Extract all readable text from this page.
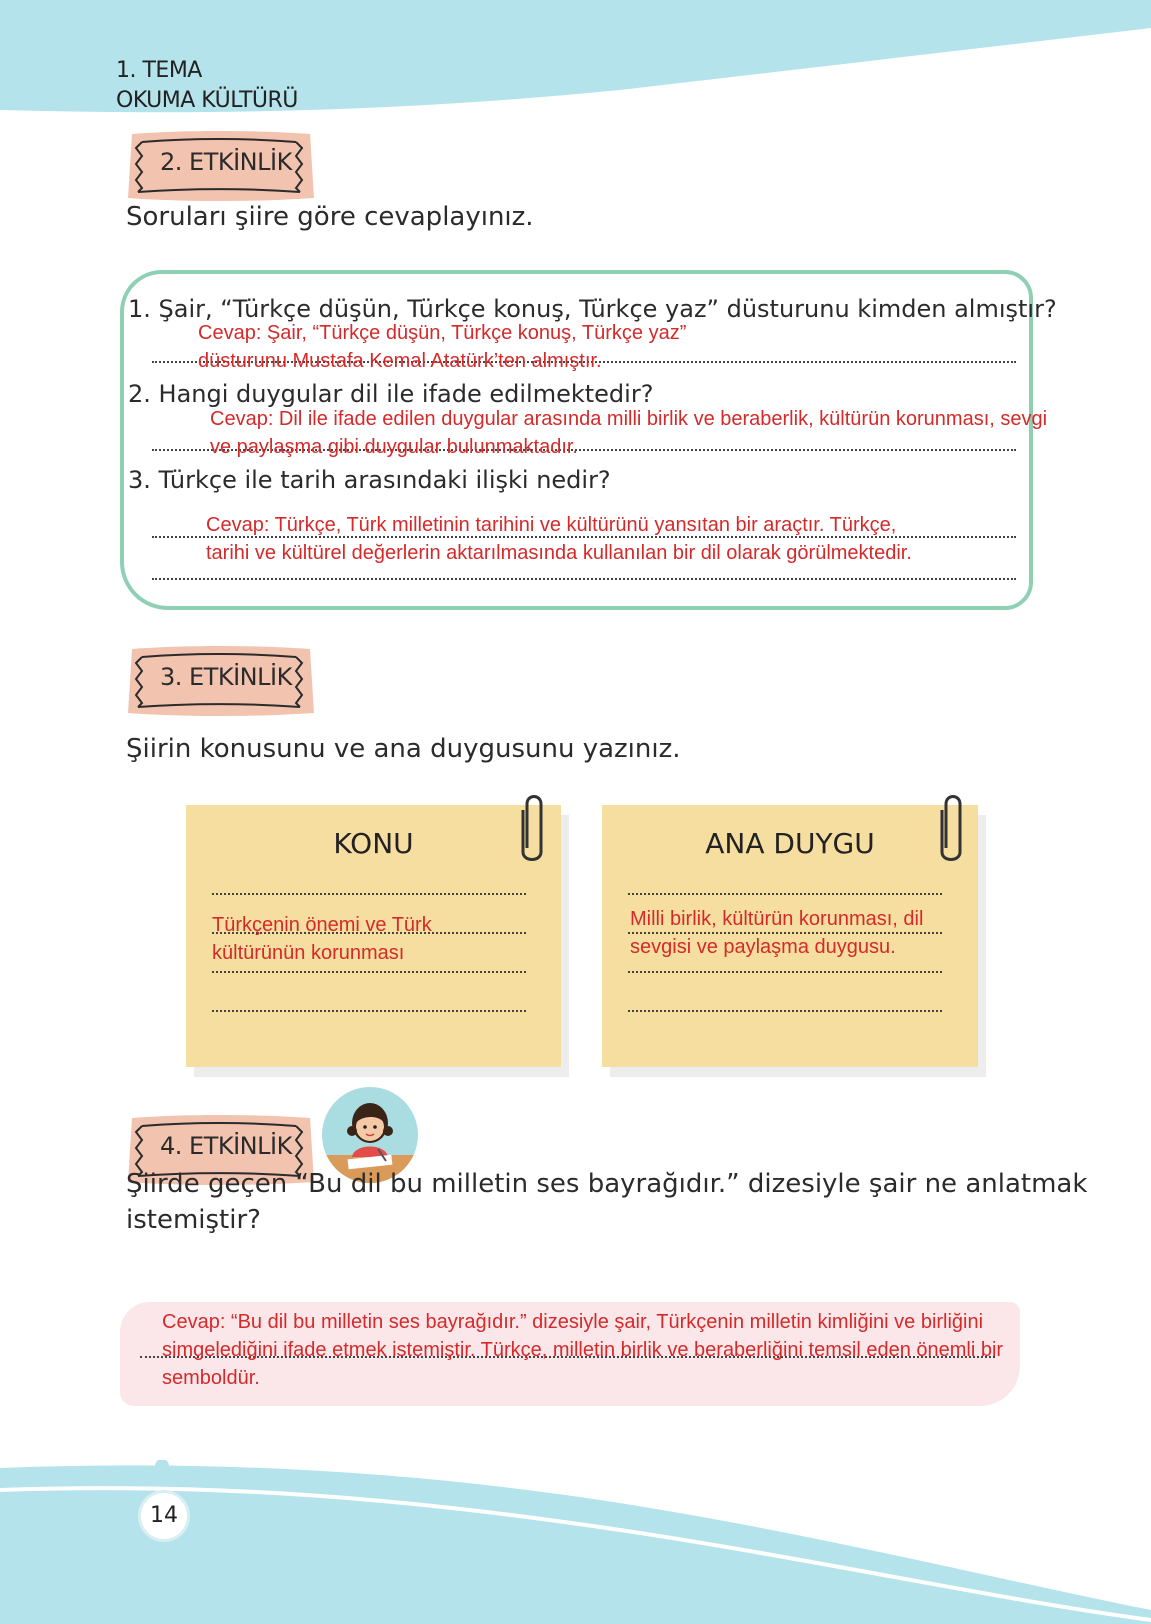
1. TEMA
OKUMA KÜLTÜRÜ
2. ETKİNLİK
Soruları şiire göre cevaplayınız.
1. Şair, “Türkçe düşün, Türkçe konuş, Türkçe yaz” düsturunu kimden almıştır?
Cevap: Şair, “Türkçe düşün, Türkçe konuş, Türkçe yaz”
düsturunu Mustafa Kemal Atatürk’ten almıştır.
2. Hangi duygular dil ile ifade edilmektedir?
Cevap: Dil ile ifade edilen duygular arasında milli birlik ve beraberlik, kültürün korunması, sevgi
ve paylaşma gibi duygular bulunmaktadır.
3. Türkçe ile tarih arasındaki ilişki nedir?
Cevap: Türkçe, Türk milletinin tarihini ve kültürünü yansıtan bir araçtır. Türkçe,
tarihi ve kültürel değerlerin aktarılmasında kullanılan bir dil olarak görülmektedir.
3. ETKİNLİK
Şiirin konusunu ve ana duygusunu yazınız.
KONU
Türkçenin önemi ve Türk
kültürünün korunması
ANA DUYGU
Milli birlik, kültürün korunması, dil
sevgisi ve paylaşma duygusu.
4. ETKİNLİK
Şiirde geçen “Bu dil bu milletin ses bayrağıdır.” dizesiyle şair ne anlatmak
istemiştir?
Cevap: “Bu dil bu milletin ses bayrağıdır.” dizesiyle şair, Türkçenin milletin kimliğini ve birliğini
simgelediğini ifade etmek istemiştir. Türkçe, milletin birlik ve beraberliğini temsil eden önemli bir
semboldür.
14
